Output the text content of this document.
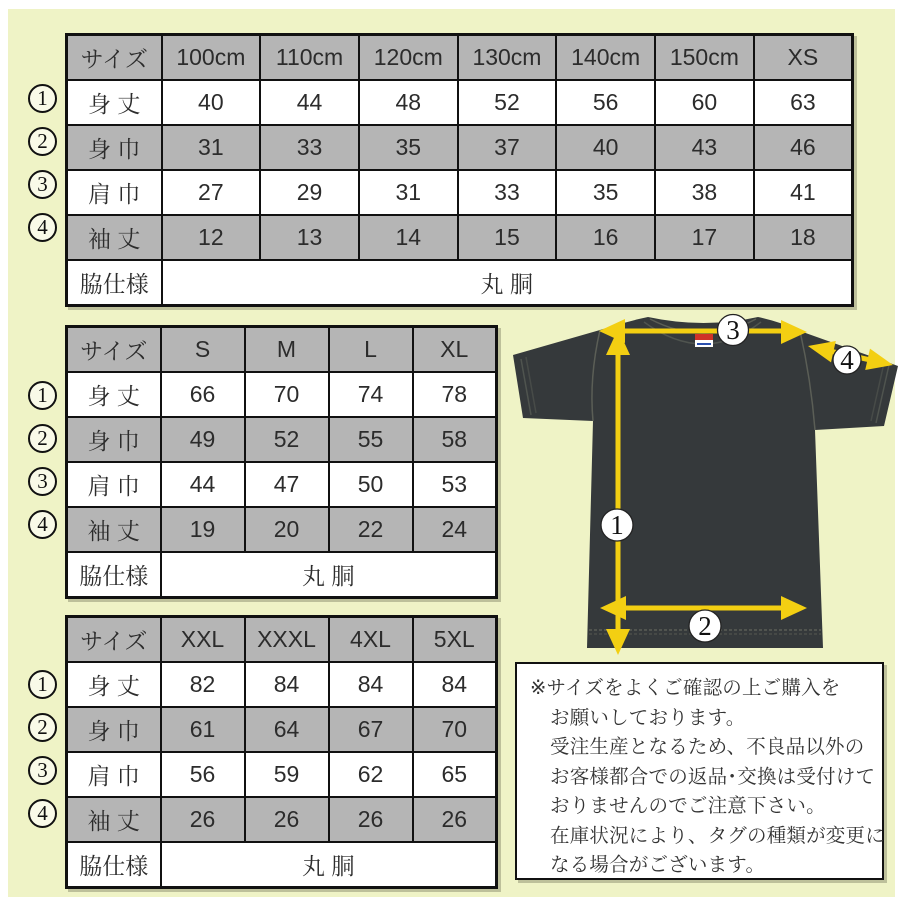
サイズ	100cm	110cm	120cm	130cm	140cm	150cm	XS
身 丈	40	44	48	52	56	60	63
身 巾	31	33	35	37	40	43	46
肩 巾	27	29	31	33	35	38	41
袖 丈	12	13	14	15	16	17	18
脇仕様	丸 胴						
サイズ	S	M	L	XL
身 丈	66	70	74	78
身 巾	49	52	55	58
肩 巾	44	47	50	53
袖 丈	19	20	22	24
脇仕様	丸 胴			
サイズ	XXL	XXXL	4XL	5XL
身 丈	82	84	84	84
身 巾	61	64	67	70
肩 巾	56	59	62	65
袖 丈	26	26	26	26
脇仕様	丸 胴			
1
2
3
4
1
2
3
4
1
2
3
4
3
4
1
2
※サイズをよくご確認の上ご購入を
お願いしております。
受注生産となるため、不良品以外の
お客様都合での返品･交換は受付けて
おりませんのでご注意下さい。
在庫状況により、タグの種類が変更に
なる場合がございます。
